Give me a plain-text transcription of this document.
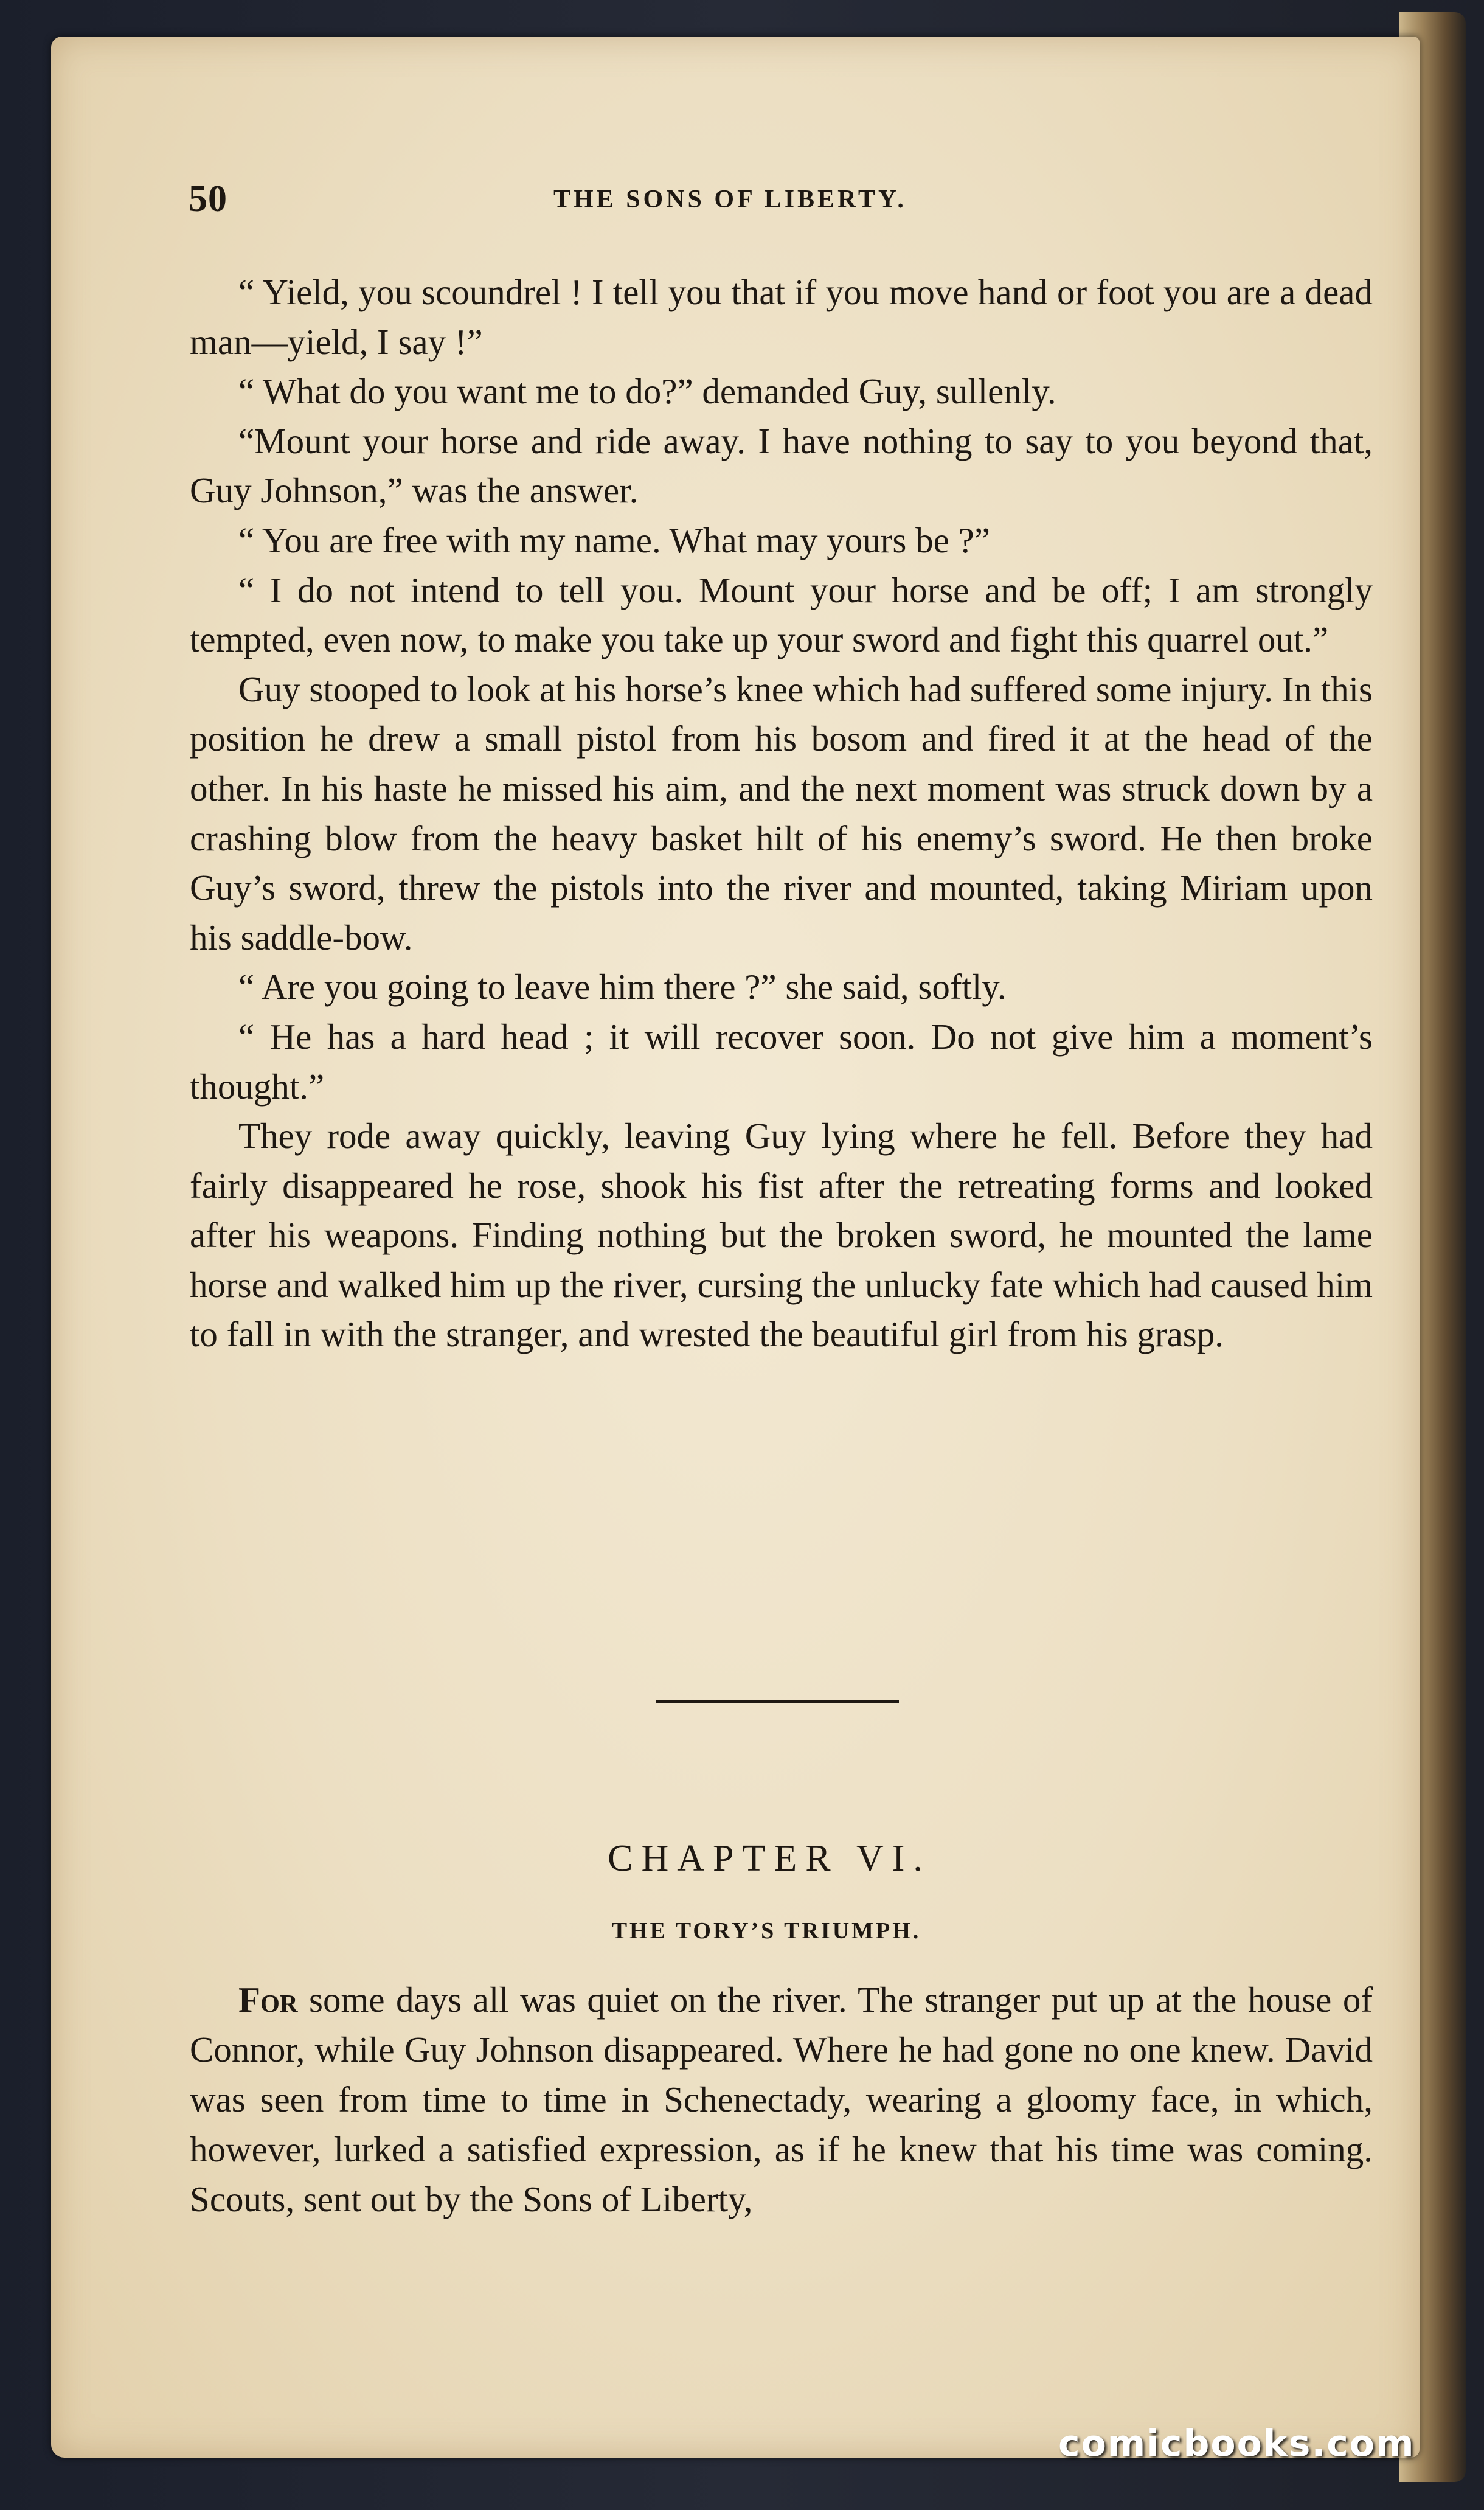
50	THE SONS OF LIBERTY.

“ Yield, you scoundrel ! I tell you that if you move hand or foot you are a dead man—yield, I say !”

“ What do you want me to do?” demanded Guy, sullenly.

“Mount your horse and ride away. I have nothing to say to you beyond that, Guy Johnson,” was the answer.

“ You are free with my name. What may yours be ?”

“ I do not intend to tell you. Mount your horse and be off; I am strongly tempted, even now, to make you take up your sword and fight this quarrel out.”

Guy stooped to look at his horse’s knee which had suffered some injury. In this position he drew a small pistol from his bosom and fired it at the head of the other. In his haste he missed his aim, and the next moment was struck down by a crashing blow from the heavy basket hilt of his enemy’s sword. He then broke Guy’s sword, threw the pistols into the river and mounted, taking Miriam upon his saddle-bow.

“ Are you going to leave him there ?” she said, softly.

“ He has a hard head ; it will recover soon. Do not give him a moment’s thought.”

They rode away quickly, leaving Guy lying where he fell. Before they had fairly disappeared he rose, shook his fist after the retreating forms and looked after his weapons. Finding nothing but the broken sword, he mounted the lame horse and walked him up the river, cursing the unlucky fate which had caused him to fall in with the stranger, and wrested the beautiful girl from his grasp.

CHAPTER VI.
THE TORY’S TRIUMPH.

For some days all was quiet on the river. The stranger put up at the house of Connor, while Guy Johnson disappeared. Where he had gone no one knew. David was seen from time to time in Schenectady, wearing a gloomy face, in which, however, lurked a satisfied expression, as if he knew that his time was coming. Scouts, sent out by the Sons of Liberty,

comicbooks.com
